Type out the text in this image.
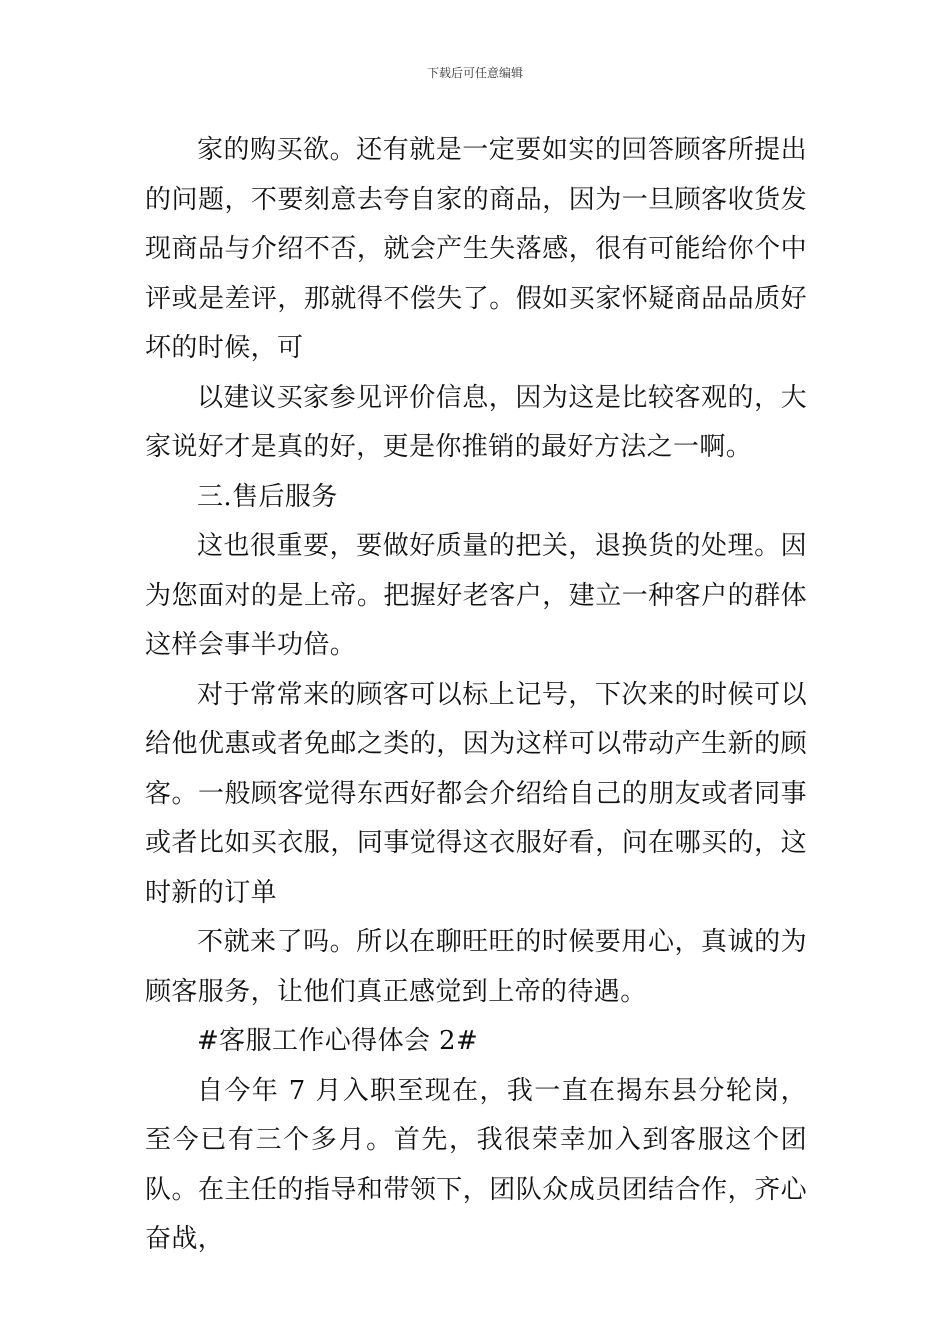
下载后可任意编辑

家的购买欲。还有就是一定要如实的回答顾客所提出的问题，不要刻意去夸自家的商品，因为一旦顾客收货发现商品与介绍不否，就会产生失落感，很有可能给你个中评或是差评，那就得不偿失了。假如买家怀疑商品品质好坏的时候，可

以建议买家参见评价信息，因为这是比较客观的，大家说好才是真的好，更是你推销的最好方法之一啊。

三.售后服务

这也很重要，要做好质量的把关，退换货的处理。因为您面对的是上帝。把握好老客户，建立一种客户的群体这样会事半功倍。

对于常常来的顾客可以标上记号，下次来的时候可以给他优惠或者免邮之类的，因为这样可以带动产生新的顾客。一般顾客觉得东西好都会介绍给自己的朋友或者同事或者比如买衣服，同事觉得这衣服好看，问在哪买的，这时新的订单

不就来了吗。所以在聊旺旺的时候要用心，真诚的为顾客服务，让他们真正感觉到上帝的待遇。

#客服工作心得体会 2#

自今年 7 月入职至现在，我一直在揭东县分轮岗，至今已有三个多月。首先，我很荣幸加入到客服这个团队。在主任的指导和带领下，团队众成员团结合作，齐心奋战，
